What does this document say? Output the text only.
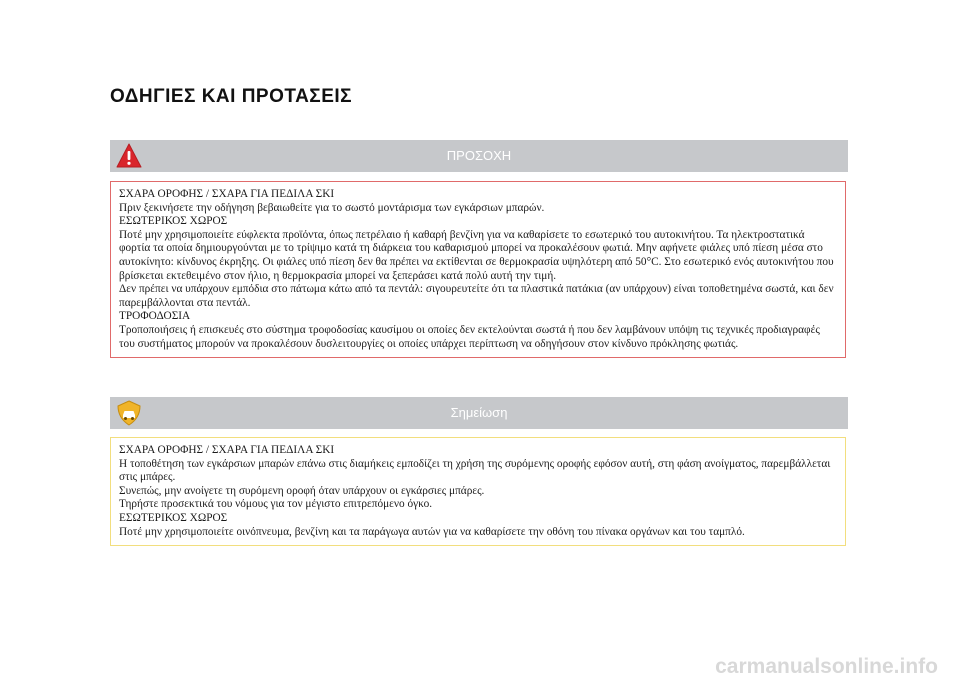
ΟΔΗΓΙΕΣ ΚΑΙ ΠΡΟΤΑΣΕΙΣ
ΠΡΟΣΟΧΗ

ΣΧΑΡΑ ΟΡΟΦΗΣ / ΣΧΑΡΑ ΓΙΑ ΠΕΔΙΛΑ ΣΚΙ

Πριν ξεκινήσετε την οδήγηση βεβαιωθείτε για το σωστό μοντάρισμα των εγκάρσιων μπαρών.

ΕΣΩΤΕΡΙΚΟΣ ΧΩΡΟΣ

Ποτέ μην χρησιμοποιείτε εύφλεκτα προϊόντα, όπως πετρέλαιο ή καθαρή βενζίνη για να καθαρίσετε το εσωτερικό του αυτοκινήτου. Τα ηλεκτροστατικά φορτία τα οποία δημιουργούνται με το τρίψιμο κατά τη διάρκεια του καθαρισμού μπορεί να προκαλέσουν φωτιά. Μην αφήνετε φιάλες υπό πίεση μέσα στο αυτοκίνητο: κίνδυνος έκρηξης. Οι φιάλες υπό πίεση δεν θα πρέπει να εκτίθενται σε θερμοκρασία υψηλότερη από 50°C. Στο εσωτερικό ενός αυτοκινήτου που βρίσκεται εκτεθειμένο στον ήλιο, η θερμοκρασία μπορεί να ξεπεράσει κατά πολύ αυτή την τιμή.

Δεν πρέπει να υπάρχουν εμπόδια στο πάτωμα κάτω από τα πεντάλ: σιγουρευτείτε ότι τα πλαστικά πατάκια (αν υπάρχουν) είναι τοποθετημένα σωστά, και δεν παρεμβάλλονται στα πεντάλ.

ΤΡΟΦΟΔΟΣΙΑ

Τροποποιήσεις ή επισκευές στο σύστημα τροφοδοσίας καυσίμου οι οποίες δεν εκτελούνται σωστά ή που δεν λαμβάνουν υπόψη τις τεχνικές προδιαγραφές του συστήματος μπορούν να προκαλέσουν δυσλειτουργίες οι οποίες υπάρχει περίπτωση να οδηγήσουν στον κίνδυνο πρόκλησης φωτιάς.

Σημείωση

ΣΧΑΡΑ ΟΡΟΦΗΣ / ΣΧΑΡΑ ΓΙΑ ΠΕΔΙΛΑ ΣΚΙ

Η τοποθέτηση των εγκάρσιων μπαρών επάνω στις διαμήκεις εμποδίζει τη χρήση της συρόμενης οροφής εφόσον αυτή, στη φάση ανοίγματος, παρεμβάλλεται στις μπάρες.

Συνεπώς, μην ανοίγετε τη συρόμενη οροφή όταν υπάρχουν οι εγκάρσιες μπάρες.

Τηρήστε προσεκτικά του νόμους για τον μέγιστο επιτρεπόμενο όγκο.

ΕΣΩΤΕΡΙΚΟΣ ΧΩΡΟΣ

Ποτέ μην χρησιμοποιείτε οινόπνευμα, βενζίνη και τα παράγωγα αυτών για να καθαρίσετε την οθόνη του πίνακα οργάνων και του ταμπλό.

carmanualsonline.info
